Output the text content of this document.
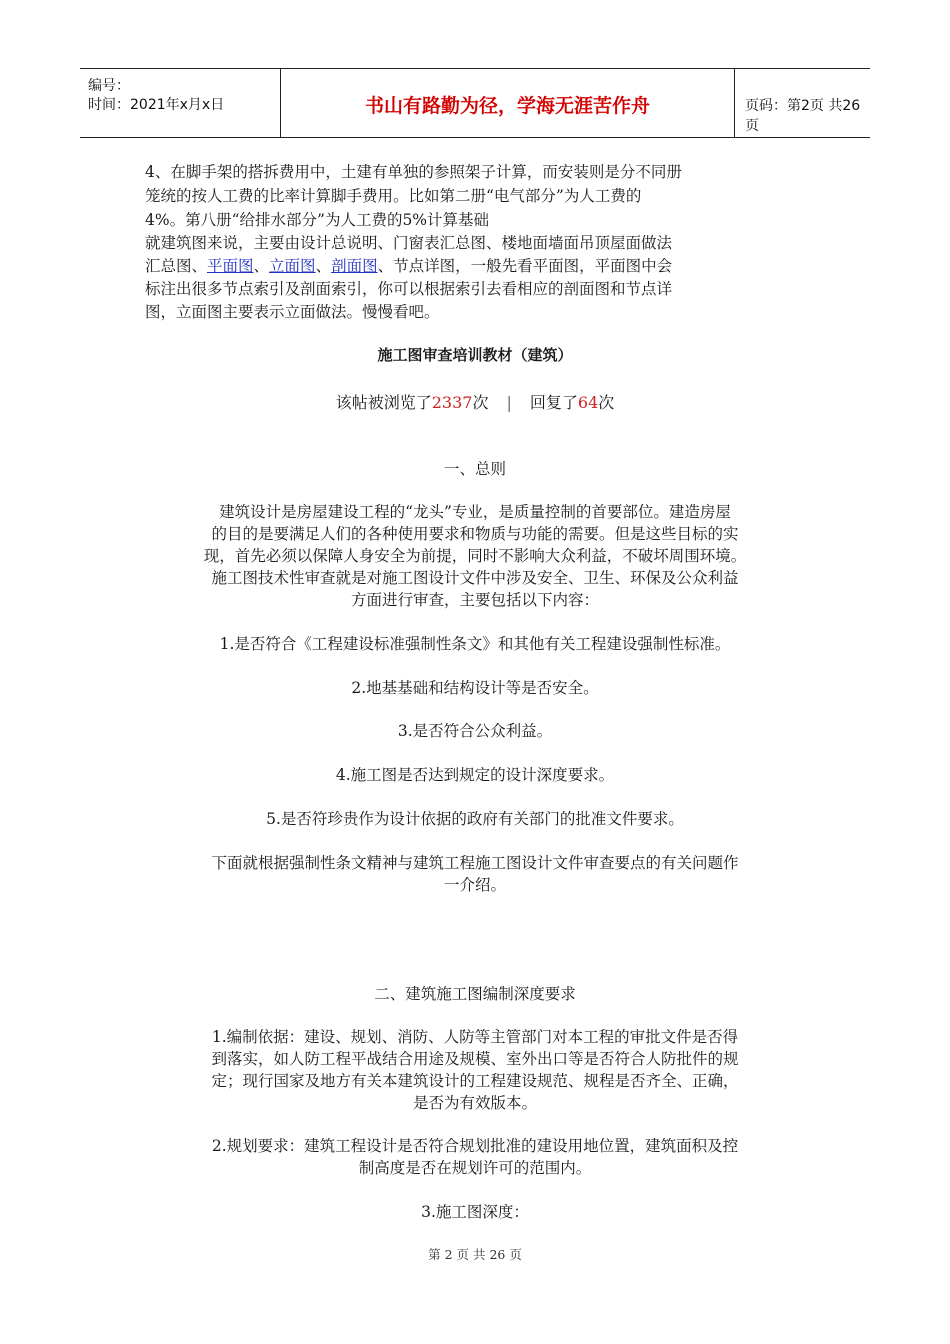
编号：
时间：2021年x月x日	书山有路勤为径，学海无涯苦作舟	页码：第2页 共26页
4、在脚手架的搭拆费用中，土建有单独的参照架子计算，而安装则是分不同册
笼统的按人工费的比率计算脚手费用。比如第二册“电气部分”为人工费的
4%。第八册“给排水部分”为人工费的5%计算基础
就建筑图来说，主要由设计总说明、门窗表汇总图、楼地面墙面吊顶屋面做法
汇总图、平面图、立面图、剖面图、节点详图，一般先看平面图，平面图中会
标注出很多节点索引及剖面索引，你可以根据索引去看相应的剖面图和节点详
图，立面图主要表示立面做法。慢慢看吧。
施工图审查培训教材（建筑）
该帖被浏览了2337次 | 回复了64次
一、总则
建筑设计是房屋建设工程的“龙头”专业，是质量控制的首要部位。建造房屋
的目的是要满足人们的各种使用要求和物质与功能的需要。但是这些目标的实
现，首先必须以保障人身安全为前提，同时不影响大众利益，不破坏周围环境。
施工图技术性审查就是对施工图设计文件中涉及安全、卫生、环保及公众利益
方面进行审查，主要包括以下内容：
1.是否符合《工程建设标准强制性条文》和其他有关工程建设强制性标准。
2.地基基础和结构设计等是否安全。
3.是否符合公众利益。
4.施工图是否达到规定的设计深度要求。
5.是否符珍贵作为设计依据的政府有关部门的批准文件要求。
下面就根据强制性条文精神与建筑工程施工图设计文件审查要点的有关问题作
一介绍。
二、建筑施工图编制深度要求
1.编制依据：建设、规划、消防、人防等主管部门对本工程的审批文件是否得
到落实，如人防工程平战结合用途及规模、室外出口等是否符合人防批件的规
定；现行国家及地方有关本建筑设计的工程建设规范、规程是否齐全、正确，
是否为有效版本。
2.规划要求：建筑工程设计是否符合规划批准的建设用地位置，建筑面积及控
制高度是否在规划许可的范围内。
3.施工图深度：
第 2 页 共 26 页
